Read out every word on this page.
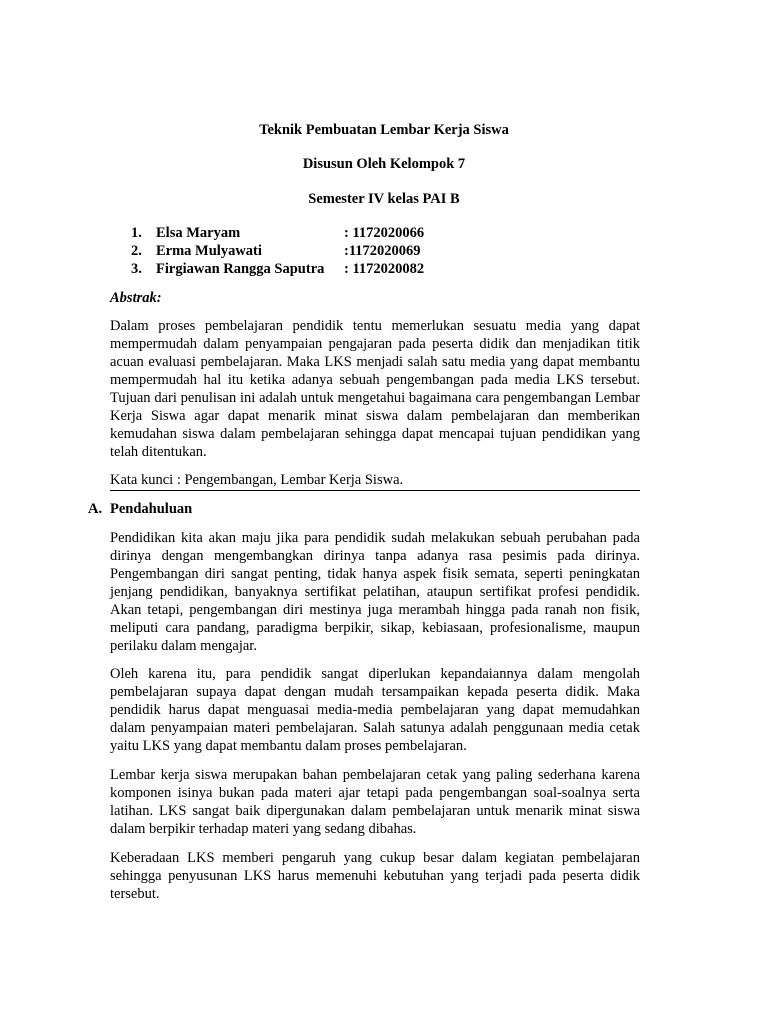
Teknik Pembuatan Lembar Kerja Siswa
Disusun Oleh Kelompok 7
Semester IV kelas PAI B
1. Elsa Maryam	: 1172020066
2. Erma Mulyawati	:1172020069
3. Firgiawan Rangga Saputra : 1172020082
Abstrak:

Dalam proses pembelajaran pendidik tentu memerlukan sesuatu media yang dapat mempermudah dalam penyampaian pengajaran pada peserta didik dan menjadikan titik acuan evaluasi pembelajaran. Maka LKS menjadi salah satu media yang dapat membantu mempermudah hal itu ketika adanya sebuah pengembangan pada media LKS tersebut. Tujuan dari penulisan ini adalah untuk mengetahui bagaimana cara pengembangan Lembar Kerja Siswa agar dapat menarik minat siswa dalam pembelajaran dan memberikan kemudahan siswa dalam pembelajaran sehingga dapat mencapai tujuan pendidikan yang telah ditentukan.

Kata kunci : Pengembangan, Lembar Kerja Siswa.
A. Pendahuluan

Pendidikan kita akan maju jika para pendidik sudah melakukan sebuah perubahan pada dirinya dengan mengembangkan dirinya tanpa adanya rasa pesimis pada dirinya. Pengembangan diri sangat penting, tidak hanya aspek fisik semata, seperti peningkatan jenjang pendidikan, banyaknya sertifikat pelatihan, ataupun sertifikat profesi pendidik. Akan tetapi, pengembangan diri mestinya juga merambah hingga pada ranah non fisik, meliputi cara pandang, paradigma berpikir, sikap, kebiasaan, profesionalisme, maupun perilaku dalam mengajar.

Oleh karena itu, para pendidik sangat diperlukan kepandaiannya dalam mengolah pembelajaran supaya dapat dengan mudah tersampaikan kepada peserta didik. Maka pendidik harus dapat menguasai media-media pembelajaran yang dapat memudahkan dalam penyampaian materi pembelajaran. Salah satunya adalah penggunaan media cetak yaitu LKS yang dapat membantu dalam proses pembelajaran.

Lembar kerja siswa merupakan bahan pembelajaran cetak yang paling sederhana karena komponen isinya bukan pada materi ajar tetapi pada pengembangan soal-soalnya serta latihan. LKS sangat baik dipergunakan dalam pembelajaran untuk menarik minat siswa dalam berpikir terhadap materi yang sedang dibahas.

Keberadaan LKS memberi pengaruh yang cukup besar dalam kegiatan pembelajaran sehingga penyusunan LKS harus memenuhi kebutuhan yang terjadi pada peserta didik tersebut.
